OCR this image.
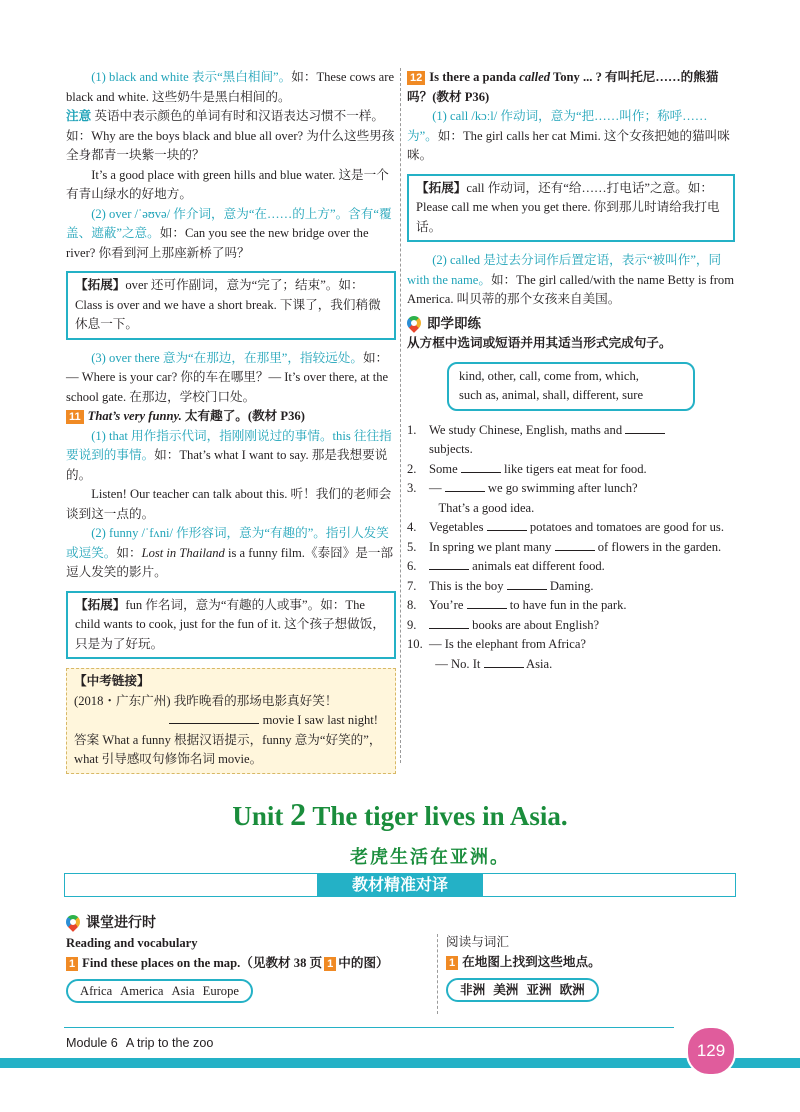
(1) black and white 表示“黑白相间”。如：These cows are black and white. 这些奶牛是黑白相间的。

注意 英语中表示颜色的单词有时和汉语表达习惯不一样。如：Why are the boys black and blue all over? 为什么这些男孩全身都青一块紫一块的？

It’s a good place with green hills and blue water. 这是一个有青山绿水的好地方。

(2) over /ˈəʊvə/ 作介词，意为“在……的上方”。含有“覆盖、遮蔽”之意。如：Can you see the new bridge over the river? 你看到河上那座新桥了吗？

【拓展】over 还可作副词，意为“完了；结束”。如：Class is over and we have a short break. 下课了，我们稍微休息一下。

(3) over there 意为“在那边，在那里”，指较远处。如：— Where is your car? 你的车在哪里？— It’s over there, at the school gate. 在那边，学校门口处。

11 That’s very funny. 太有趣了。(教材 P36)

(1) that 用作指示代词，指刚刚说过的事情。this 往往指要说到的事情。如：That’s what I want to say. 那是我想要说的。

Listen! Our teacher can talk about this. 听！我们的老师会谈到这一点的。

(2) funny /ˈfʌni/ 作形容词，意为“有趣的”。指引人发笑或逗笑。如：Lost in Thailand is a funny film.《泰囧》是一部逗人发笑的影片。

【拓展】fun 作名词，意为“有趣的人或事”。如：The child wants to cook, just for the fun of it. 这个孩子想做饭，只是为了好玩。
【中考链接】
(2018・广东广州) 我昨晚看的那场电影真好笑！
movie I saw last night!
答案 What a funny 根据汉语提示，funny 意为“好笑的”，what 引导感叹句修饰名词 movie。

12 Is there a panda called Tony ... ? 有叫托尼……的熊猫吗？(教材 P36)

(1) call /kɔːl/ 作动词，意为“把……叫作；称呼……为”。如：The girl calls her cat Mimi. 这个女孩把她的猫叫咪咪。

【拓展】call 作动词，还有“给……打电话”之意。如：Please call me when you get there. 你到那儿时请给我打电话。

(2) called 是过去分词作后置定语，表示“被叫作”，同 with the name。如：The girl called/with the name Betty is from America. 叫贝蒂的那个女孩来自美国。

即学即练

从方框中选词或短语并用其适当形式完成句子。

kind, other, call, come from, which,
such as, animal, shall, different, sure
1. We study Chinese, English, maths and
subjects.
2. Some	like tigers eat meat for food.
3. —	we go swimming after lunch?
That’s a good idea.
4. Vegetables	potatoes and tomatoes are good for us.
5. In spring we plant many	of flowers in the garden.
6.	animals eat different food.
7. This is the boy	Daming.
8. You’re	to have fun in the park.
9.	books are about English?
10. — Is the elephant from Africa?
— No. It	Asia.
Unit 2 The tiger lives in Asia.
老虎生活在亚洲。
教材精准对译
课堂进行时
Reading and vocabulary
1 Find these places on the map.（见教材 38 页 1 中的图）
Africa America Asia Europe
阅读与词汇
1 在地图上找到这些地点。
非洲 美洲 亚洲 欧洲
Module 6 A trip to the zoo	129
